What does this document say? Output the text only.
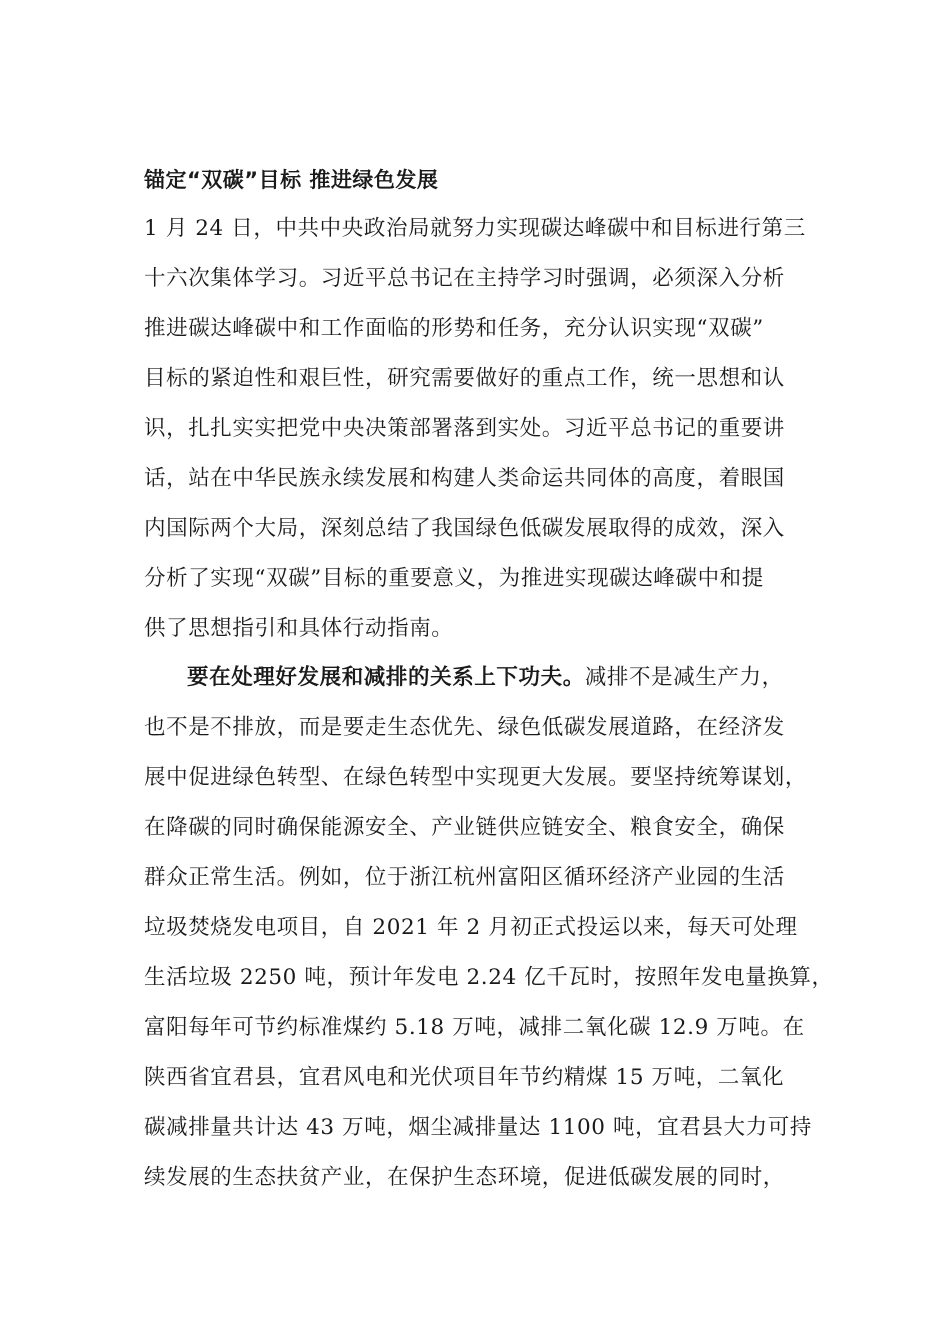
锚定“双碳”目标 推进绿色发展
1 月 24 日，中共中央政治局就努力实现碳达峰碳中和目标进行第三
十六次集体学习。习近平总书记在主持学习时强调，必须深入分析
推进碳达峰碳中和工作面临的形势和任务，充分认识实现“双碳”
目标的紧迫性和艰巨性，研究需要做好的重点工作，统一思想和认
识，扎扎实实把党中央决策部署落到实处。习近平总书记的重要讲
话，站在中华民族永续发展和构建人类命运共同体的高度，着眼国
内国际两个大局，深刻总结了我国绿色低碳发展取得的成效，深入
分析了实现“双碳”目标的重要意义，为推进实现碳达峰碳中和提
供了思想指引和具体行动指南。
要在处理好发展和减排的关系上下功夫。减排不是减生产力，
也不是不排放，而是要走生态优先、绿色低碳发展道路，在经济发
展中促进绿色转型、在绿色转型中实现更大发展。要坚持统筹谋划，
在降碳的同时确保能源安全、产业链供应链安全、粮食安全，确保
群众正常生活。例如，位于浙江杭州富阳区循环经济产业园的生活
垃圾焚烧发电项目，自 2021 年 2 月初正式投运以来，每天可处理
生活垃圾 2250 吨，预计年发电 2.24 亿千瓦时，按照年发电量换算，
富阳每年可节约标准煤约 5.18 万吨，减排二氧化碳 12.9 万吨。在
陕西省宜君县，宜君风电和光伏项目年节约精煤 15 万吨，二氧化
碳减排量共计达 43 万吨，烟尘减排量达 1100 吨，宜君县大力可持
续发展的生态扶贫产业，在保护生态环境，促进低碳发展的同时，
